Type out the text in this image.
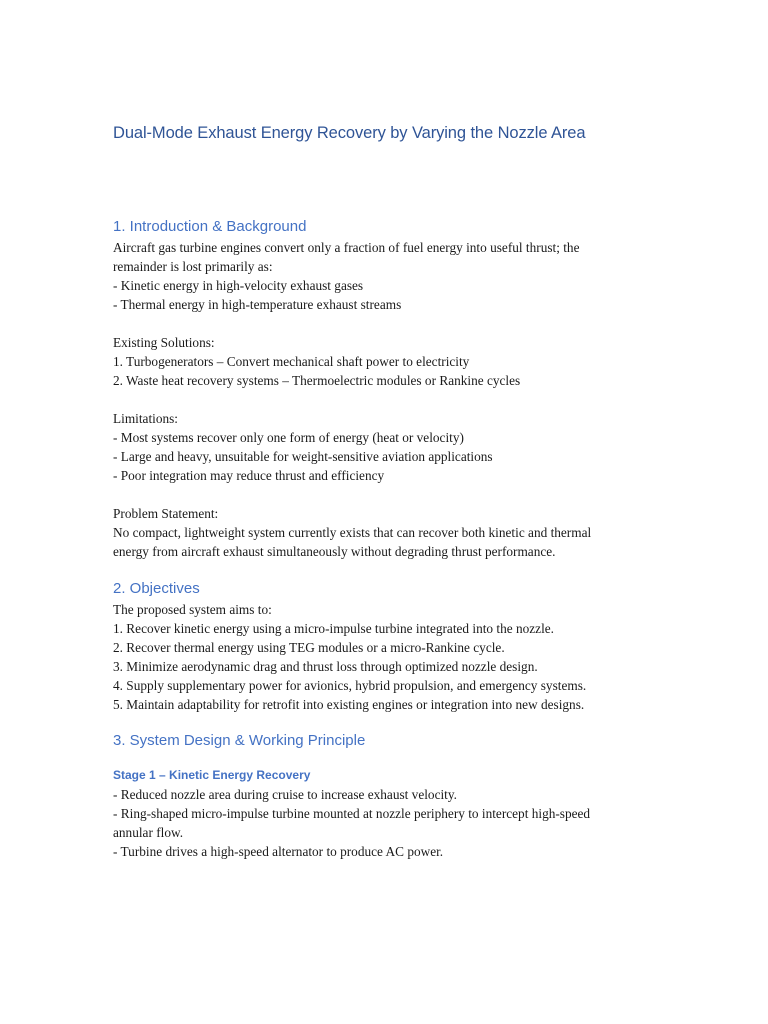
Dual-Mode Exhaust Energy Recovery by Varying the Nozzle Area
1. Introduction & Background
Aircraft gas turbine engines convert only a fraction of fuel energy into useful thrust; the
remainder is lost primarily as:
- Kinetic energy in high-velocity exhaust gases
- Thermal energy in high-temperature exhaust streams
Existing Solutions:
1. Turbogenerators – Convert mechanical shaft power to electricity
2. Waste heat recovery systems – Thermoelectric modules or Rankine cycles
Limitations:
- Most systems recover only one form of energy (heat or velocity)
- Large and heavy, unsuitable for weight-sensitive aviation applications
- Poor integration may reduce thrust and efficiency
Problem Statement:
No compact, lightweight system currently exists that can recover both kinetic and thermal
energy from aircraft exhaust simultaneously without degrading thrust performance.
2. Objectives
The proposed system aims to:
1. Recover kinetic energy using a micro-impulse turbine integrated into the nozzle.
2. Recover thermal energy using TEG modules or a micro-Rankine cycle.
3. Minimize aerodynamic drag and thrust loss through optimized nozzle design.
4. Supply supplementary power for avionics, hybrid propulsion, and emergency systems.
5. Maintain adaptability for retrofit into existing engines or integration into new designs.
3. System Design & Working Principle
Stage 1 – Kinetic Energy Recovery
- Reduced nozzle area during cruise to increase exhaust velocity.
- Ring-shaped micro-impulse turbine mounted at nozzle periphery to intercept high-speed
annular flow.
- Turbine drives a high-speed alternator to produce AC power.
